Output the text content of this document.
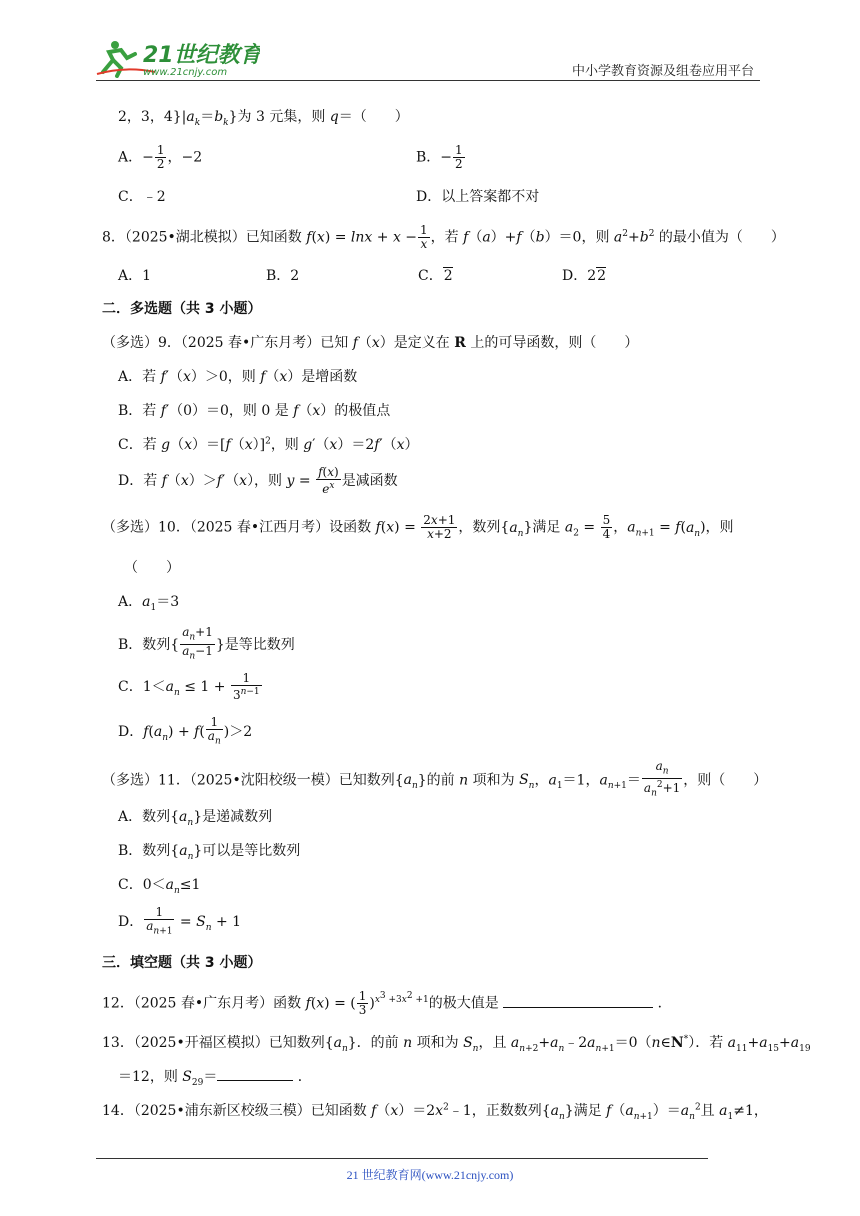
21世纪教育
www.21cnjy.com	中小学教育资源及组卷应用平台
2，3，$4\}|a_k=b_k$}为 3 元集，则 q＝（　　）
A．− $\frac{1}{2}$ ，−2	B．− $\frac{1}{2}$
C．﹣2	D．以上答案都不对
8．（2025•湖北模拟）已知函数 $f(x) = \ln x + x - \frac{1}{x}$ ，若 f（a）+f（b）＝0，则 $a^2+b^2$ 的最小值为（　　）
A．1	B．2	C．2	D．22
二．多选题（共 3 小题）
（多选）9．（2025 春•广东月考）已知 f（x）是定义在 R 上的可导函数，则（　　）
A．若 f′（x）＞0，则 f（x）是增函数
B．若 f′（0）＝0，则 0 是 f（x）的极值点
C．若 $g(x)=[f(x)]^2$，则 g′（x）＝2f′（x）
D．若 f（x）＞f′（x），则 $y = \frac{f(x)}{e^x}$ 是减函数
（多选）10．（2025 春•江西月考）设函数 $f(x) = \frac{2x+1}{x+2}$ ，数列$\{a_n\}$满足 $a_2 = \frac{5}{4}$ ，$a_{n+1} = f(a_n)$，则
（　　）
A．$a_1=3$
B．数列{ $\frac{a_n+1}{a_n-1}$ }是等比数列
C．$1<a_n \le 1 + \frac{1}{3^{n-1}}$
D．$f(a_n) + f( \frac{1}{a_n} )>2$
（多选）11．（2025•沈阳校级一模）已知数列$\{a_n\}$的前 n 项和为 $S_n$，$a_1=1$，$a_{n+1}= \frac{a_n}{a_n^2+1}$ ，则（　　）
A．数列$\{a_n\}$是递减数列
B．数列$\{a_n\}$可以是等比数列
C．$0<a_n\le 1$
D． $\frac{1}{a_{n+1}} = S_n + 1$
三．填空题（共 3 小题）
12．（2025 春•广东月考）函数 f(x) = ( $\frac{1}{3} )^{x^3 +3x^2 +1}$的极大值是	．
13．（2025•开福区模拟）已知数列$\{a_n\}$．的前 n 项和为 $S_n$，且 $a_{n+2}+a_n﹣2a_{n+1}=0(n\in N^*)$．若 $a_{11}+a_{15}+a_{19}$
＝12，则 $S_{29}=$	．
14．（2025•浦东新区校级三模）已知函数 $f(x)=2x^2﹣1$，正数数列$\{a_n\}$满足 $f(a_{n+1})=a_n^2$且 $a_1\ne 1$，
21 世纪教育网(www.21cnjy.com)
